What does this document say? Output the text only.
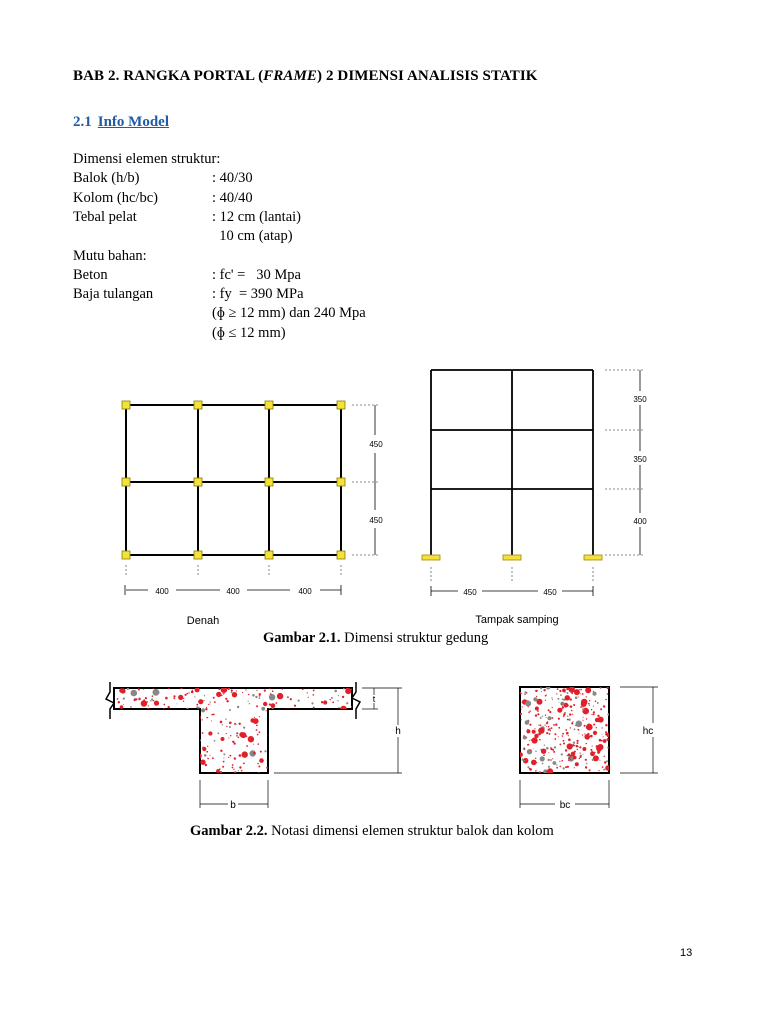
BAB 2. RANGKA PORTAL (FRAME) 2 DIMENSI ANALISIS STATIK
2.1 Info Model
Dimensi elemen struktur:
Balok (h/b)	: 40/30
Kolom (hc/bc)	: 40/40
Tebal pelat	: 12 cm (lantai)
10 cm (atap)
Mutu bahan:
Beton	: fc' =   30 Mpa
Baja tulangan	: fy  = 390 MPa
(ɸ ≥ 12 mm) dan 240 Mpa
(ɸ ≤ 12 mm)
400	400	400
450
450
Denah
450	450
350
350
400
Tampak samping
Gambar 2.1. Dimensi struktur gedung
t
h
b
hc
bc
Gambar 2.2. Notasi dimensi elemen struktur balok dan kolom
13
